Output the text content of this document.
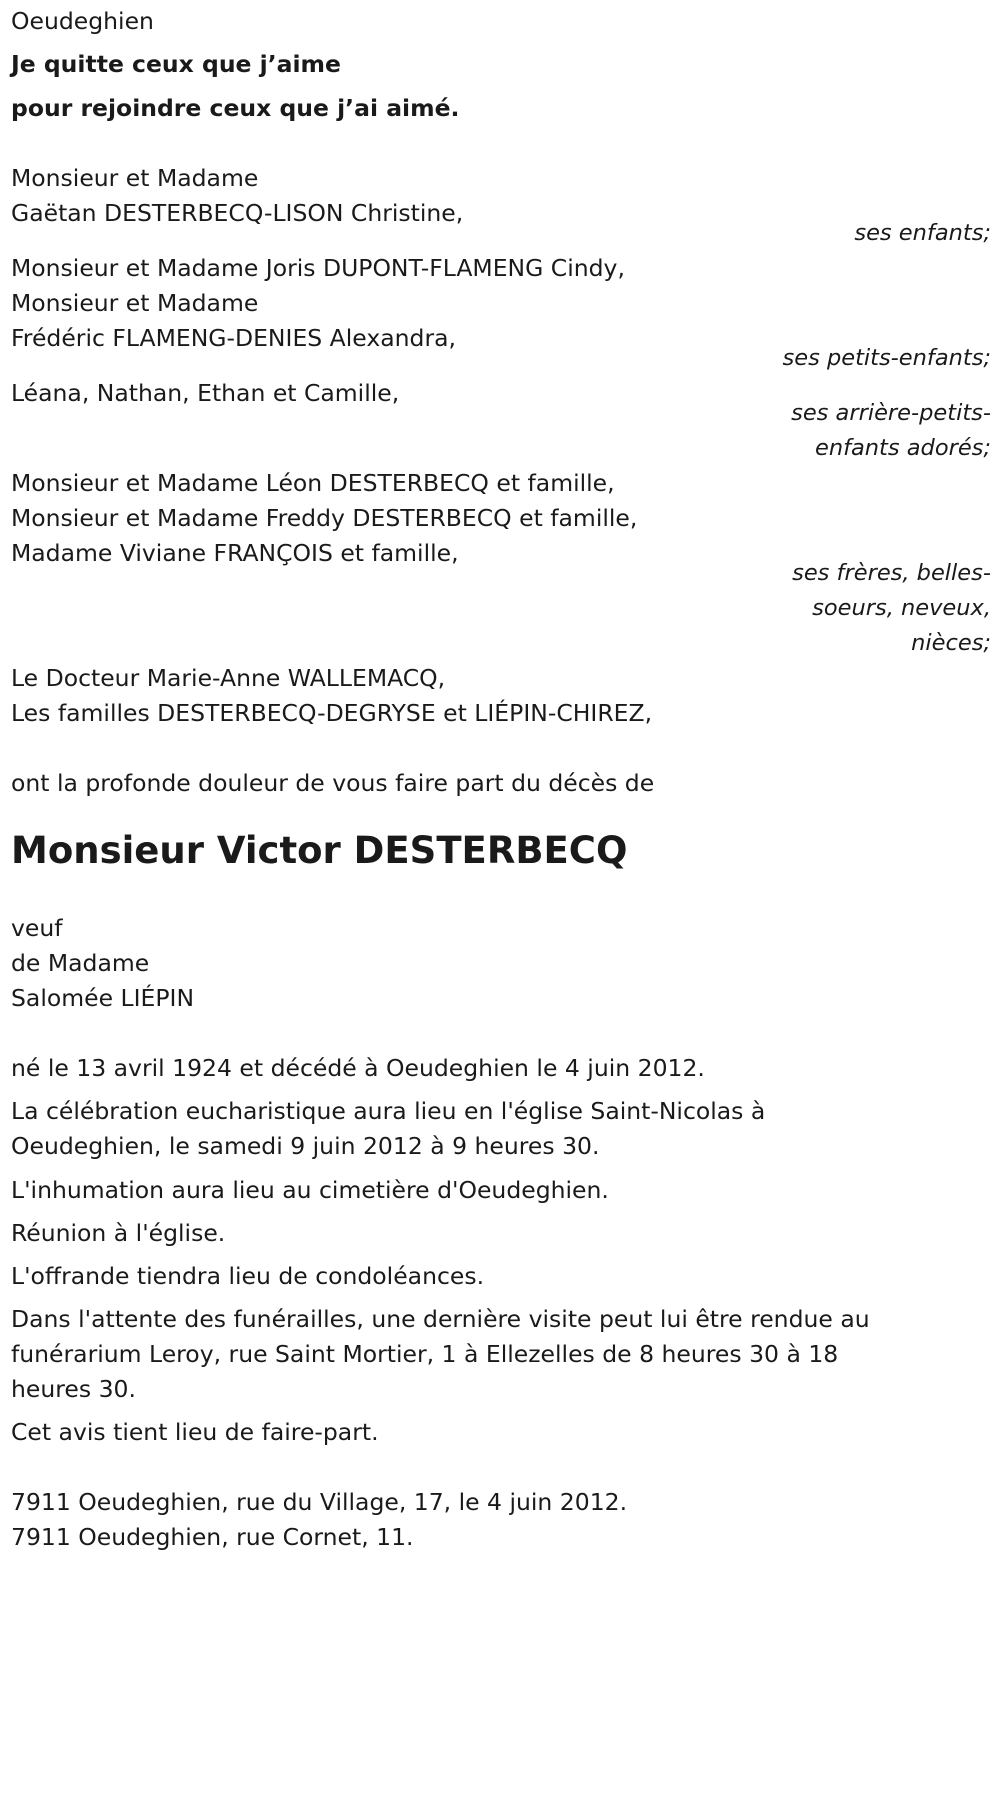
Oeudeghien
Je quitte ceux que j’aime
pour rejoindre ceux que j’ai aimé.
Monsieur et Madame
Gaëtan DESTERBECQ-LISON Christine,
ses enfants;
Monsieur et Madame Joris DUPONT-FLAMENG Cindy,
Monsieur et Madame
Frédéric FLAMENG-DENIES Alexandra,
ses petits-enfants;
Léana, Nathan, Ethan et Camille,
ses arrière-petits-
enfants adorés;
Monsieur et Madame Léon DESTERBECQ et famille,
Monsieur et Madame Freddy DESTERBECQ et famille,
Madame Viviane FRANÇOIS et famille,
ses frères, belles-
soeurs, neveux,
nièces;
Le Docteur Marie-Anne WALLEMACQ,
Les familles DESTERBECQ-DEGRYSE et LIÉPIN-CHIREZ,
ont la profonde douleur de vous faire part du décès de
Monsieur Victor DESTERBECQ
veuf
de Madame
Salomée LIÉPIN
né le 13 avril 1924 et décédé à Oeudeghien le 4 juin 2012.
La célébration eucharistique aura lieu en l'église Saint-Nicolas à
Oeudeghien, le samedi 9 juin 2012 à 9 heures 30.
L'inhumation aura lieu au cimetière d'Oeudeghien.
Réunion à l'église.
L'offrande tiendra lieu de condoléances.
Dans l'attente des funérailles, une dernière visite peut lui être rendue au
funérarium Leroy, rue Saint Mortier, 1 à Ellezelles de 8 heures 30 à 18
heures 30.
Cet avis tient lieu de faire-part.
7911 Oeudeghien, rue du Village, 17, le 4 juin 2012.
7911 Oeudeghien, rue Cornet, 11.
